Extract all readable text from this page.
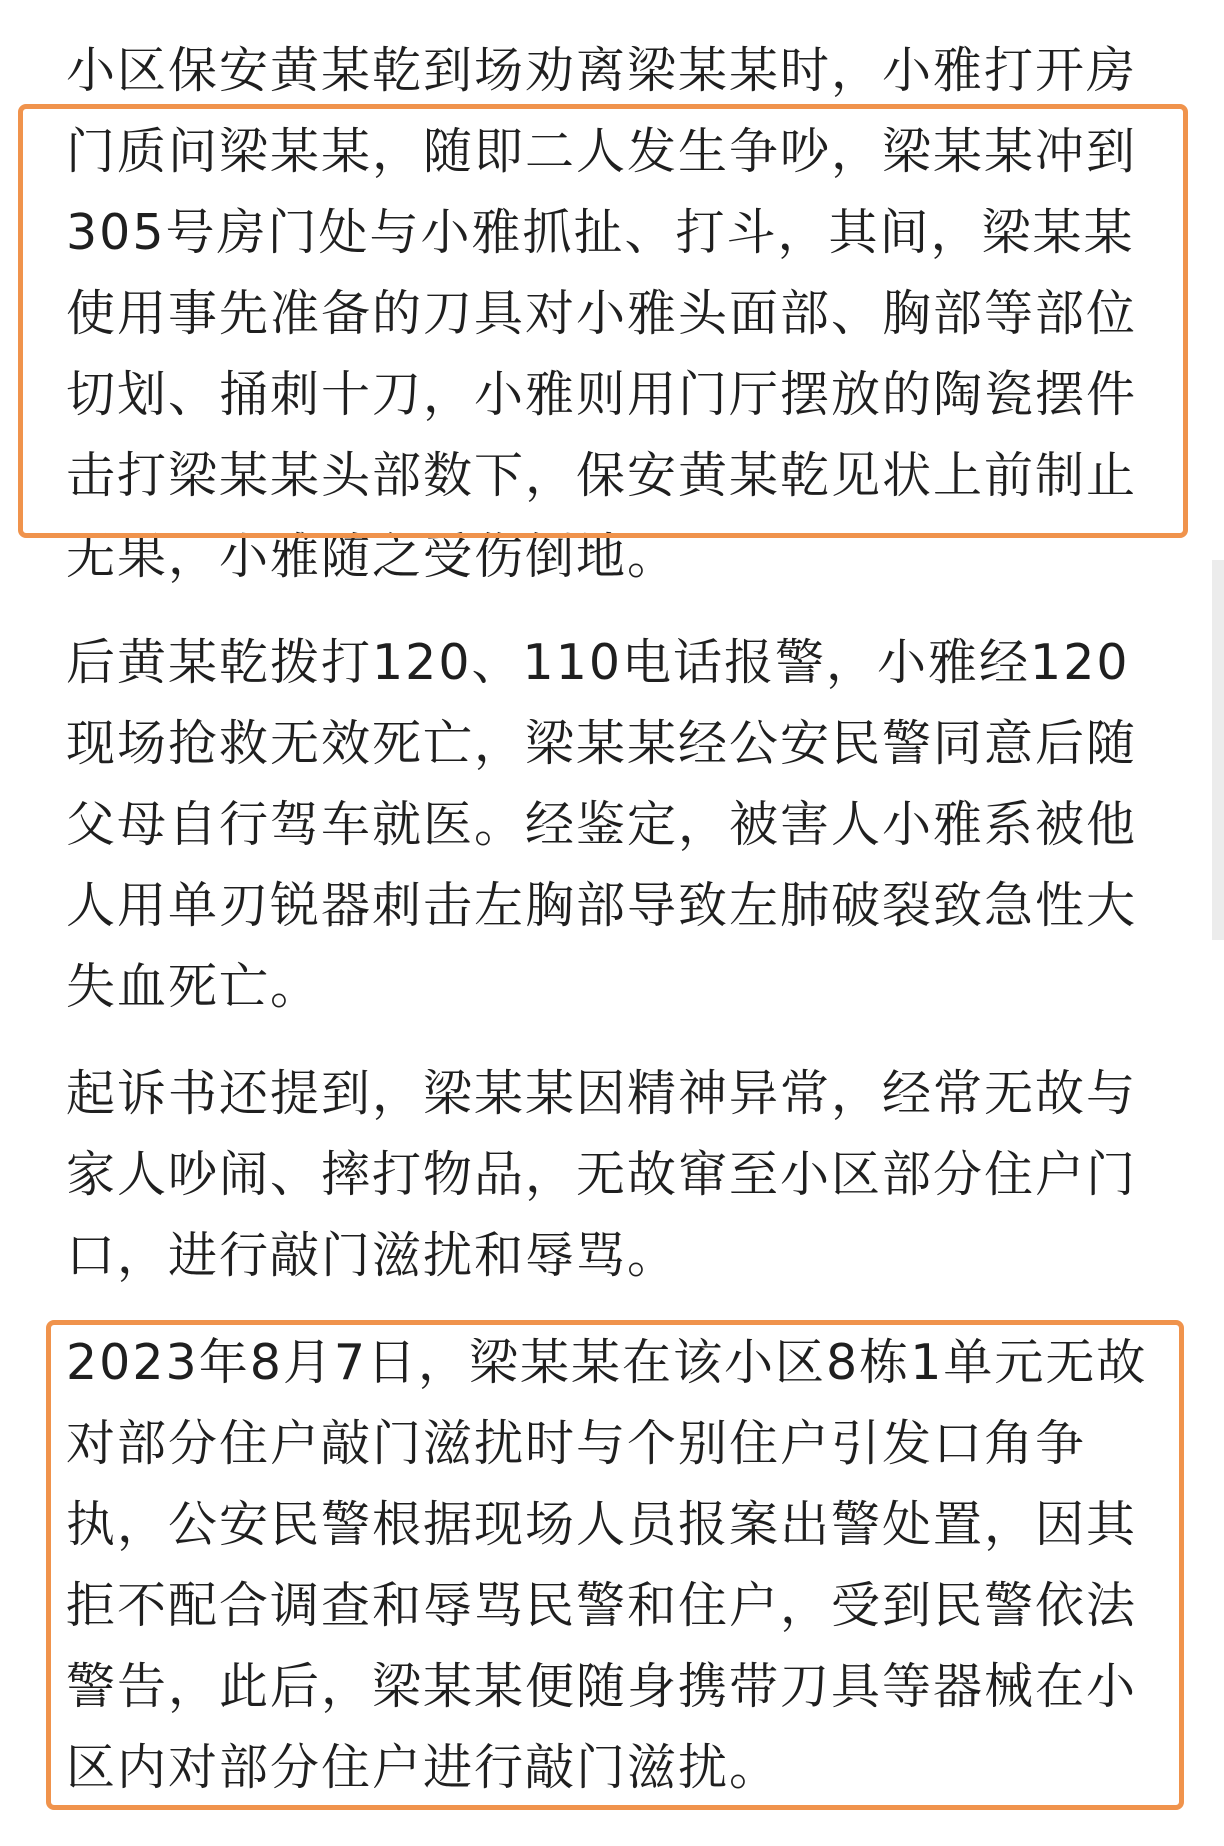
小区保安黄某乾到场劝离梁某某时，小雅打开房
门质问梁某某，随即二人发生争吵，梁某某冲到
305号房门处与小雅抓扯、打斗，其间，梁某某
使用事先准备的刀具对小雅头面部、胸部等部位
切划、捅刺十刀，小雅则用门厅摆放的陶瓷摆件
击打梁某某头部数下，保安黄某乾见状上前制止
无果，小雅随之受伤倒地。
后黄某乾拨打120、110电话报警，小雅经120
现场抢救无效死亡，梁某某经公安民警同意后随
父母自行驾车就医。经鉴定，被害人小雅系被他
人用单刃锐器刺击左胸部导致左肺破裂致急性大
失血死亡。
起诉书还提到，梁某某因精神异常，经常无故与
家人吵闹、摔打物品，无故窜至小区部分住户门
口，进行敲门滋扰和辱骂。
2023年8月7日，梁某某在该小区8栋1单元无故
对部分住户敲门滋扰时与个别住户引发口角争
执，公安民警根据现场人员报案出警处置，因其
拒不配合调查和辱骂民警和住户，受到民警依法
警告，此后，梁某某便随身携带刀具等器械在小
区内对部分住户进行敲门滋扰。
